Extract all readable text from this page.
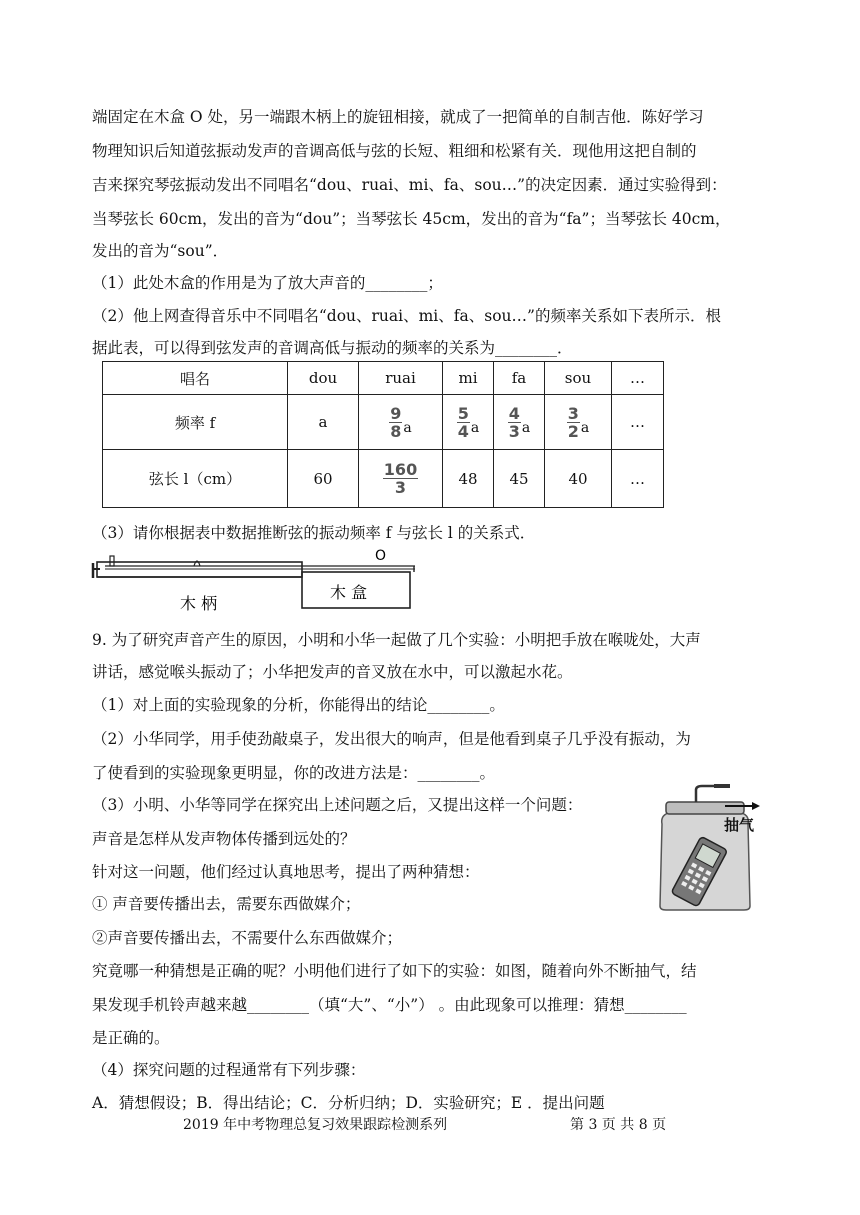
端固定在木盒 O 处，另一端跟木柄上的旋钮相接，就成了一把简单的自制吉他．陈好学习
物理知识后知道弦振动发声的音调高低与弦的长短、粗细和松紧有关．现他用这把自制的
吉来探究琴弦振动发出不同唱名“dou、ruai、mi、fa、sou…”的决定因素．通过实验得到：
当琴弦长 60cm，发出的音为“dou”；当琴弦长 45cm，发出的音为“fa”；当琴弦长 40cm，
发出的音为“sou”．
（1）此处木盒的作用是为了放大声音的________；
（2）他上网查得音乐中不同唱名“dou、ruai、mi、fa、sou…”的频率关系如下表所示．根
据此表，可以得到弦发声的音调高低与振动的频率的关系为________．
唱名	dou	ruai	mi	fa	sou	…
频率 f	a	$\frac{9}{8}$ a	$\frac{5}{4}$ a	$\frac{4}{3}$ a	$\frac{3}{2}$ a	…
弦长 l（cm）	60	$\frac{160}{3}$	48	45	40	…
（3）请你根据表中数据推断弦的振动频率 f 与弦长 l 的关系式．
O
木 柄
木 盒
9. 为了研究声音产生的原因，小明和小华一起做了几个实验：小明把手放在喉咙处，大声
讲话，感觉喉头振动了；小华把发声的音叉放在水中，可以激起水花。
（1）对上面的实验现象的分析，你能得出的结论________。
（2）小华同学，用手使劲敲桌子，发出很大的响声，但是他看到桌子几乎没有振动，为
了使看到的实验现象更明显，你的改进方法是：________。
（3）小明、小华等同学在探究出上述问题之后，又提出这样一个问题：
声音是怎样从发声物体传播到远处的？
针对这一问题，他们经过认真地思考，提出了两种猜想：
① 声音要传播出去，需要东西做媒介；
②声音要传播出去，不需要什么东西做媒介；
究竟哪一种猜想是正确的呢？小明他们进行了如下的实验：如图，随着向外不断抽气，结
果发现手机铃声越来越________（填“大”、“小”） 。由此现象可以推理：猜想________
是正确的。
（4）探究问题的过程通常有下列步骤：
A．猜想假设；B．得出结论；C．分析归纳；D．实验研究；E ．提出问题
抽气
2019 年中考物理总复习效果跟踪检测系列	第 3 页 共 8 页
